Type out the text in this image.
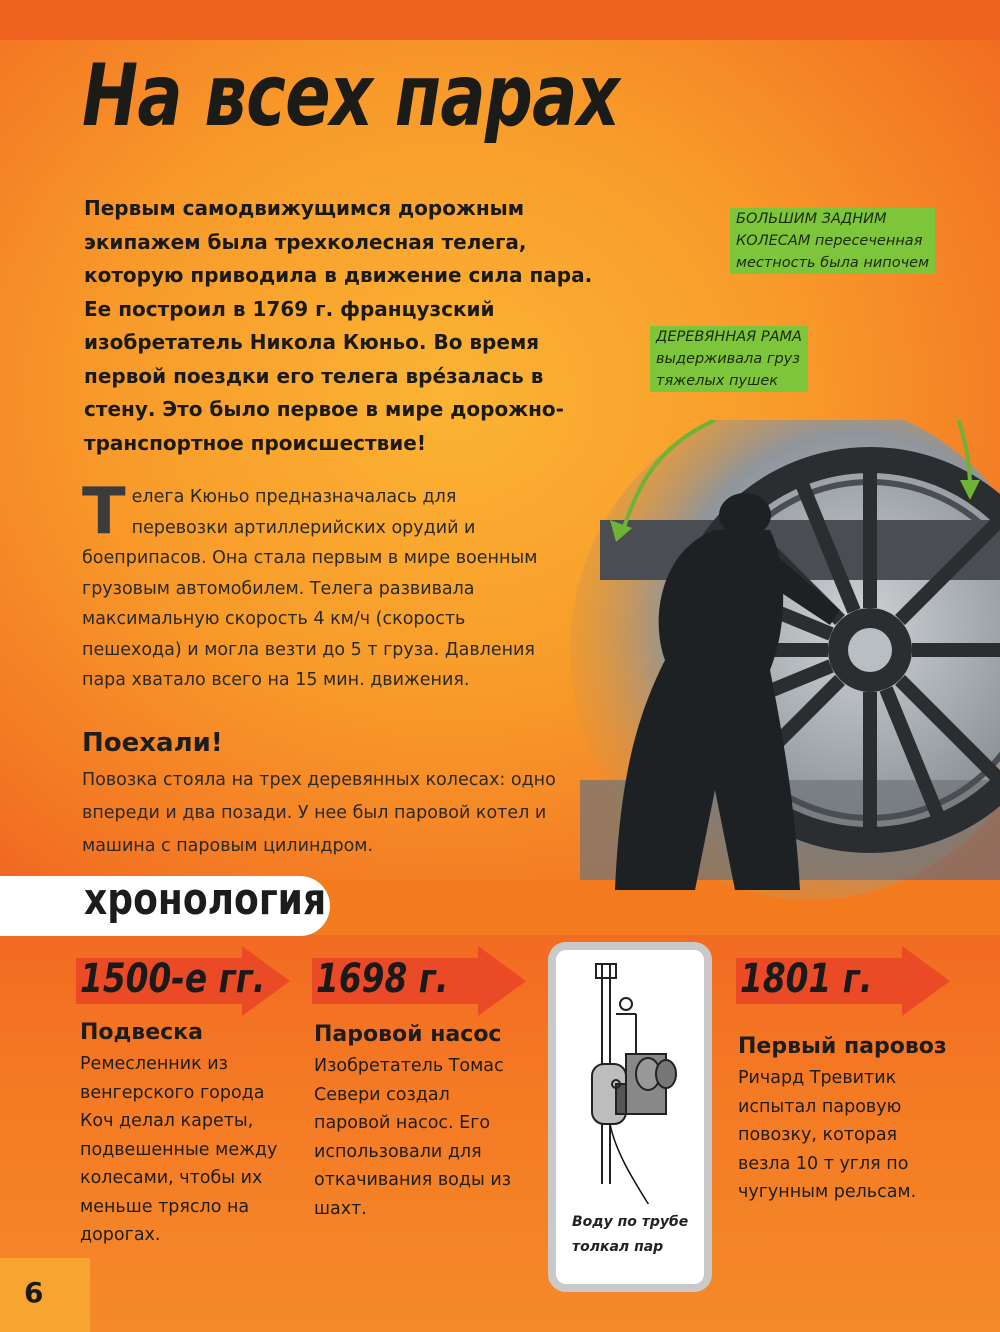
На всех парах

Первым самодвижущимся дорожным экипажем была трехколесная телега, которую приводила в движение сила пара. Ее построил в 1769 г. французский изобретатель Никола Кюньо. Во время первой поездки его телега вре́залась в стену. Это было первое в мире дорожно-транспортное происшествие!

БОЛЬШИМ ЗАДНИМ
КОЛЕСАМ пересеченная
местность была нипочем
ДЕРЕВЯННАЯ РАМА
выдерживала груз
тяжелых пушек

Телега Кюньо предназначалась для перевозки артиллерийских орудий и боеприпасов. Она стала первым в мире военным грузовым автомобилем. Телега развивала максимальную скорость 4 км/ч (скорость пешехода) и могла везти до 5 т груза. Давления пара хватало всего на 15 мин. движения.

Поехали!

Повозка стояла на трех деревянных колесах: одно впереди и два позади. У нее был паровой котел и машина с паровым цилиндром.

хронология
1500-е гг.
Подвеска

Ремесленник из венгерского города Коч делал кареты, подвешенные между колесами, чтобы их меньше трясло на дорогах.

1698 г.
Паровой насос

Изобретатель Томас Севери создал паровой насос. Его использовали для откачивания воды из шахт.

Воду по трубе
толкал пар
1801 г.
Первый паровоз

Ричард Тревитик испытал паровую повозку, которая везла 10 т угля по чугунным рельсам.

6
